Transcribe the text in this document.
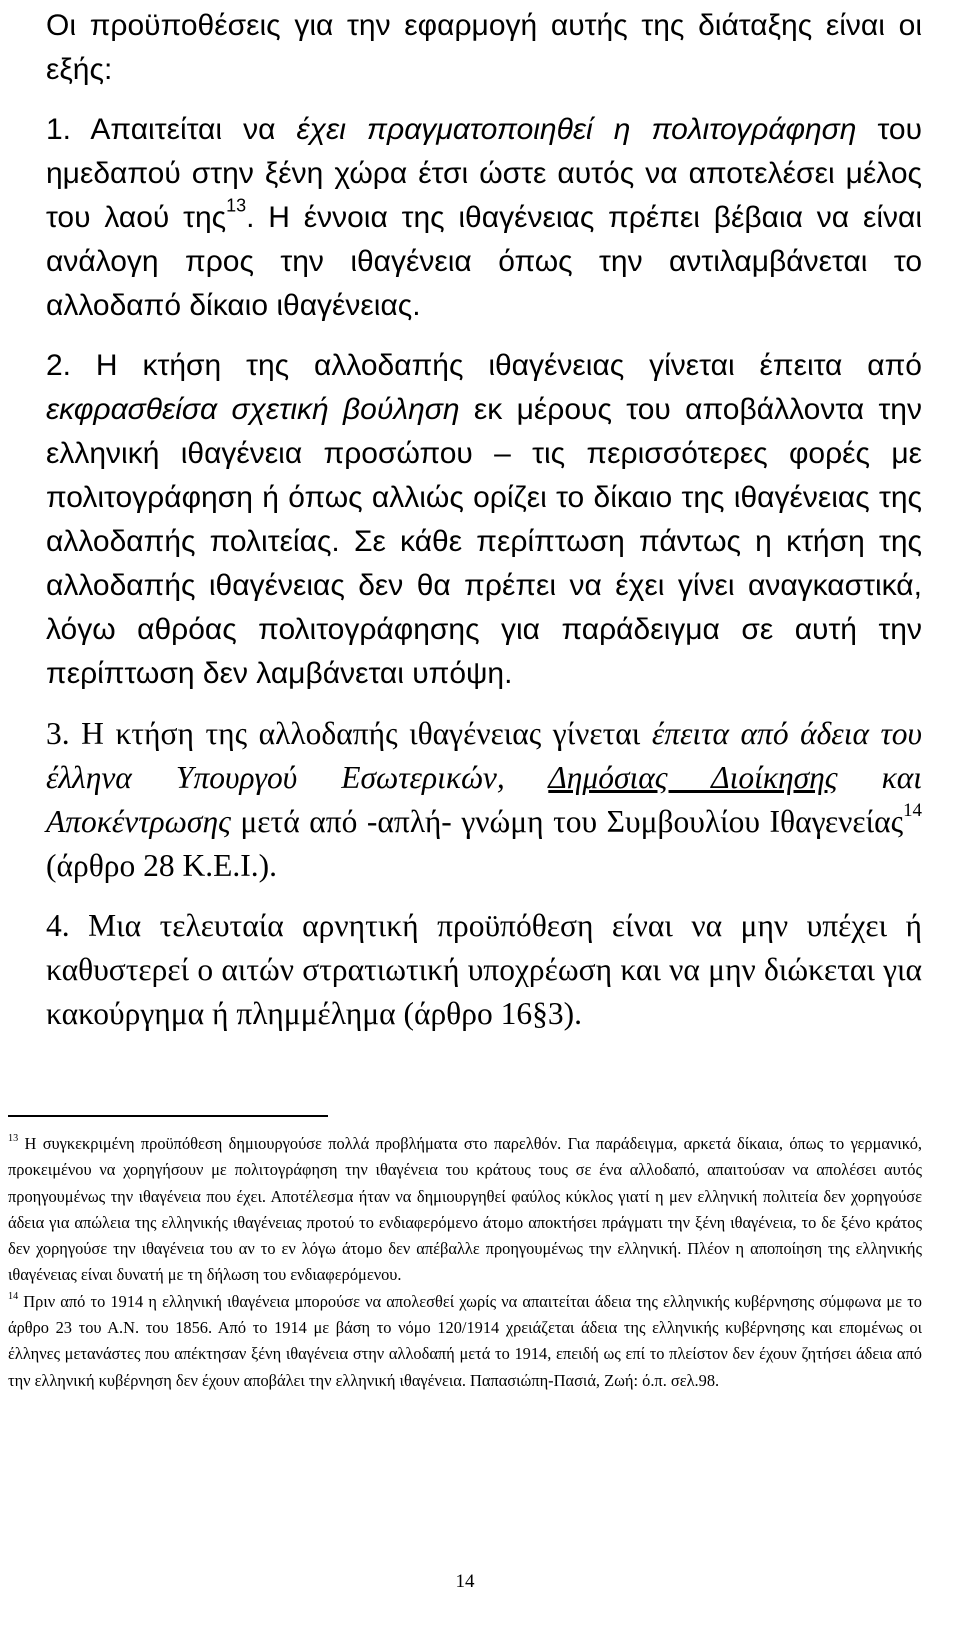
Οι προϋποθέσεις για την εφαρμογή αυτής της διάταξης είναι οι εξής:

1. Απαιτείται να έχει πραγματοποιηθεί η πολιτογράφηση του ημεδαπού στην ξένη χώρα έτσι ώστε αυτός να αποτελέσει μέλος του λαού της$^{13}$. Η έννοια της ιθαγένειας πρέπει βέβαια να είναι ανάλογη προς την ιθαγένεια όπως την αντιλαμβάνεται το αλλοδαπό δίκαιο ιθαγένειας.

2. Η κτήση της αλλοδαπής ιθαγένειας γίνεται έπειτα από εκφρασθείσα σχετική βούληση εκ μέρους του αποβάλλοντα την ελληνική ιθαγένεια προσώπου – τις περισσότερες φορές με πολιτογράφηση ή όπως αλλιώς ορίζει το δίκαιο της ιθαγένειας της αλλοδαπής πολιτείας. Σε κάθε περίπτωση πάντως η κτήση της αλλοδαπής ιθαγένειας δεν θα πρέπει να έχει γίνει αναγκαστικά, λόγω αθρόας πολιτογράφησης για παράδειγμα σε αυτή την περίπτωση δεν λαμβάνεται υπόψη.

3. Η κτήση της αλλοδαπής ιθαγένειας γίνεται έπειτα από άδεια του έλληνα Υπουργού Εσωτερικών, Δημόσιας Διοίκησης και Αποκέντρωσης μετά από -απλή- γνώμη του Συμβουλίου Ιθαγενείας$^{14}$ (άρθρο 28 Κ.Ε.Ι.).

4. Μια τελευταία αρνητική προϋπόθεση είναι να μην υπέχει ή καθυστερεί ο αιτών στρατιωτική υποχρέωση και να μην διώκεται για κακούργημα ή πλημμέλημα (άρθρο 16§3).

$^{13}$ Η συγκεκριμένη προϋπόθεση δημιουργούσε πολλά προβλήματα στο παρελθόν. Για παράδειγμα, αρκετά δίκαια, όπως το γερμανικό, προκειμένου να χορηγήσουν με πολιτογράφηση την ιθαγένεια του κράτους τους σε ένα αλλοδαπό, απαιτούσαν να απολέσει αυτός προηγουμένως την ιθαγένεια που έχει. Αποτέλεσμα ήταν να δημιουργηθεί φαύλος κύκλος γιατί η μεν ελληνική πολιτεία δεν χορηγούσε άδεια για απώλεια της ελληνικής ιθαγένειας προτού το ενδιαφερόμενο άτομο αποκτήσει πράγματι την ξένη ιθαγένεια, το δε ξένο κράτος δεν χορηγούσε την ιθαγένεια του αν το εν λόγω άτομο δεν απέβαλλε προηγουμένως την ελληνική. Πλέον η αποποίηση της ελληνικής ιθαγένειας είναι δυνατή με τη δήλωση του ενδιαφερόμενου.

$^{14}$ Πριν από το 1914 η ελληνική ιθαγένεια μπορούσε να απολεσθεί χωρίς να απαιτείται άδεια της ελληνικής κυβέρνησης σύμφωνα με το άρθρο 23 του Α.Ν. του 1856. Από το 1914 με βάση το νόμο 120/1914 χρειάζεται άδεια της ελληνικής κυβέρνησης και επομένως οι έλληνες μετανάστες που απέκτησαν ξένη ιθαγένεια στην αλλοδαπή μετά το 1914, επειδή ως επί το πλείστον δεν έχουν ζητήσει άδεια από την ελληνική κυβέρνηση δεν έχουν αποβάλει την ελληνική ιθαγένεια. Παπασιώπη-Πασιά, Ζωή: ό.π. σελ.98.

14
